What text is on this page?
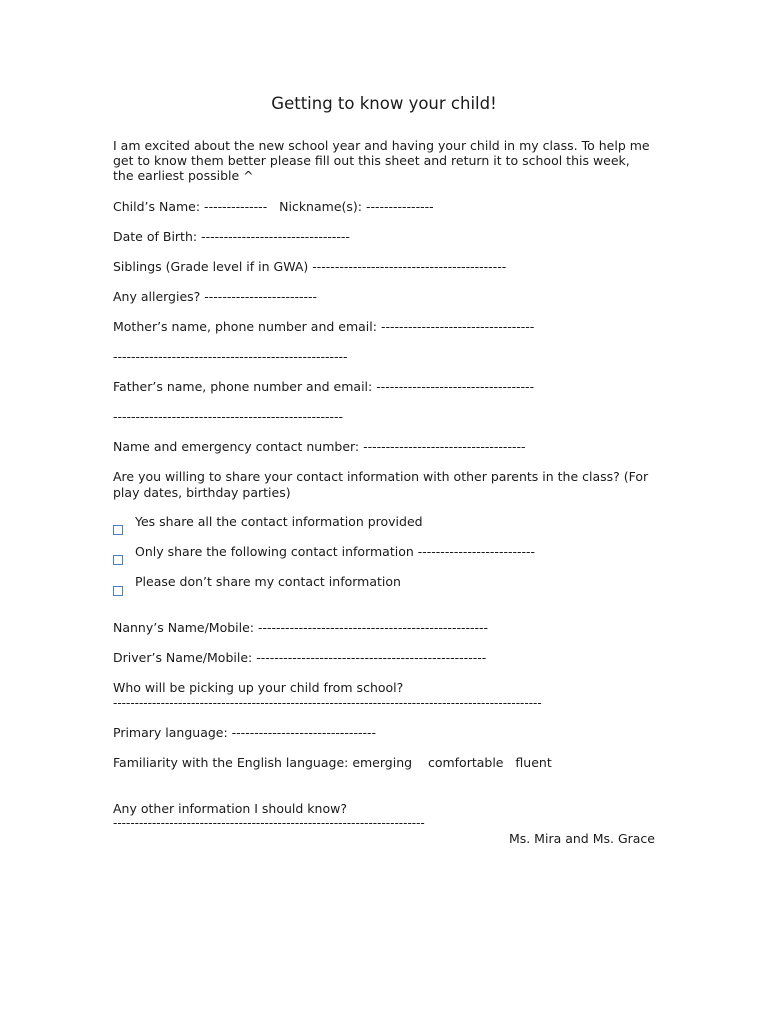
Getting to know your child!
I am excited about the new school year and having your child in my class. To help me
get to know them better please fill out this sheet and return it to school this week,
the earliest possible ^

Child’s Name: --------------   Nickname(s): ---------------

Date of Birth: ---------------------------------

Siblings (Grade level if in GWA) -------------------------------------------

Any allergies? -------------------------

Mother’s name, phone number and email: ----------------------------------

----------------------------------------------------

Father’s name, phone number and email: -----------------------------------

---------------------------------------------------

Name and emergency contact number: ------------------------------------

Are you willing to share your contact information with other parents in the class? (For

play dates, birthday parties)

Yes share all the contact information provided

Only share the following contact information --------------------------

Please don’t share my contact information

Nanny’s Name/Mobile: ---------------------------------------------------

Driver’s Name/Mobile: ---------------------------------------------------

Who will be picking up your child from school?

---------------------------------------------------------------------------------------------------

Primary language: --------------------------------

Familiarity with the English language: emerging    comfortable   fluent

Any other information I should know?

------------------------------------------------------------------------

Ms. Mira and Ms. Grace
